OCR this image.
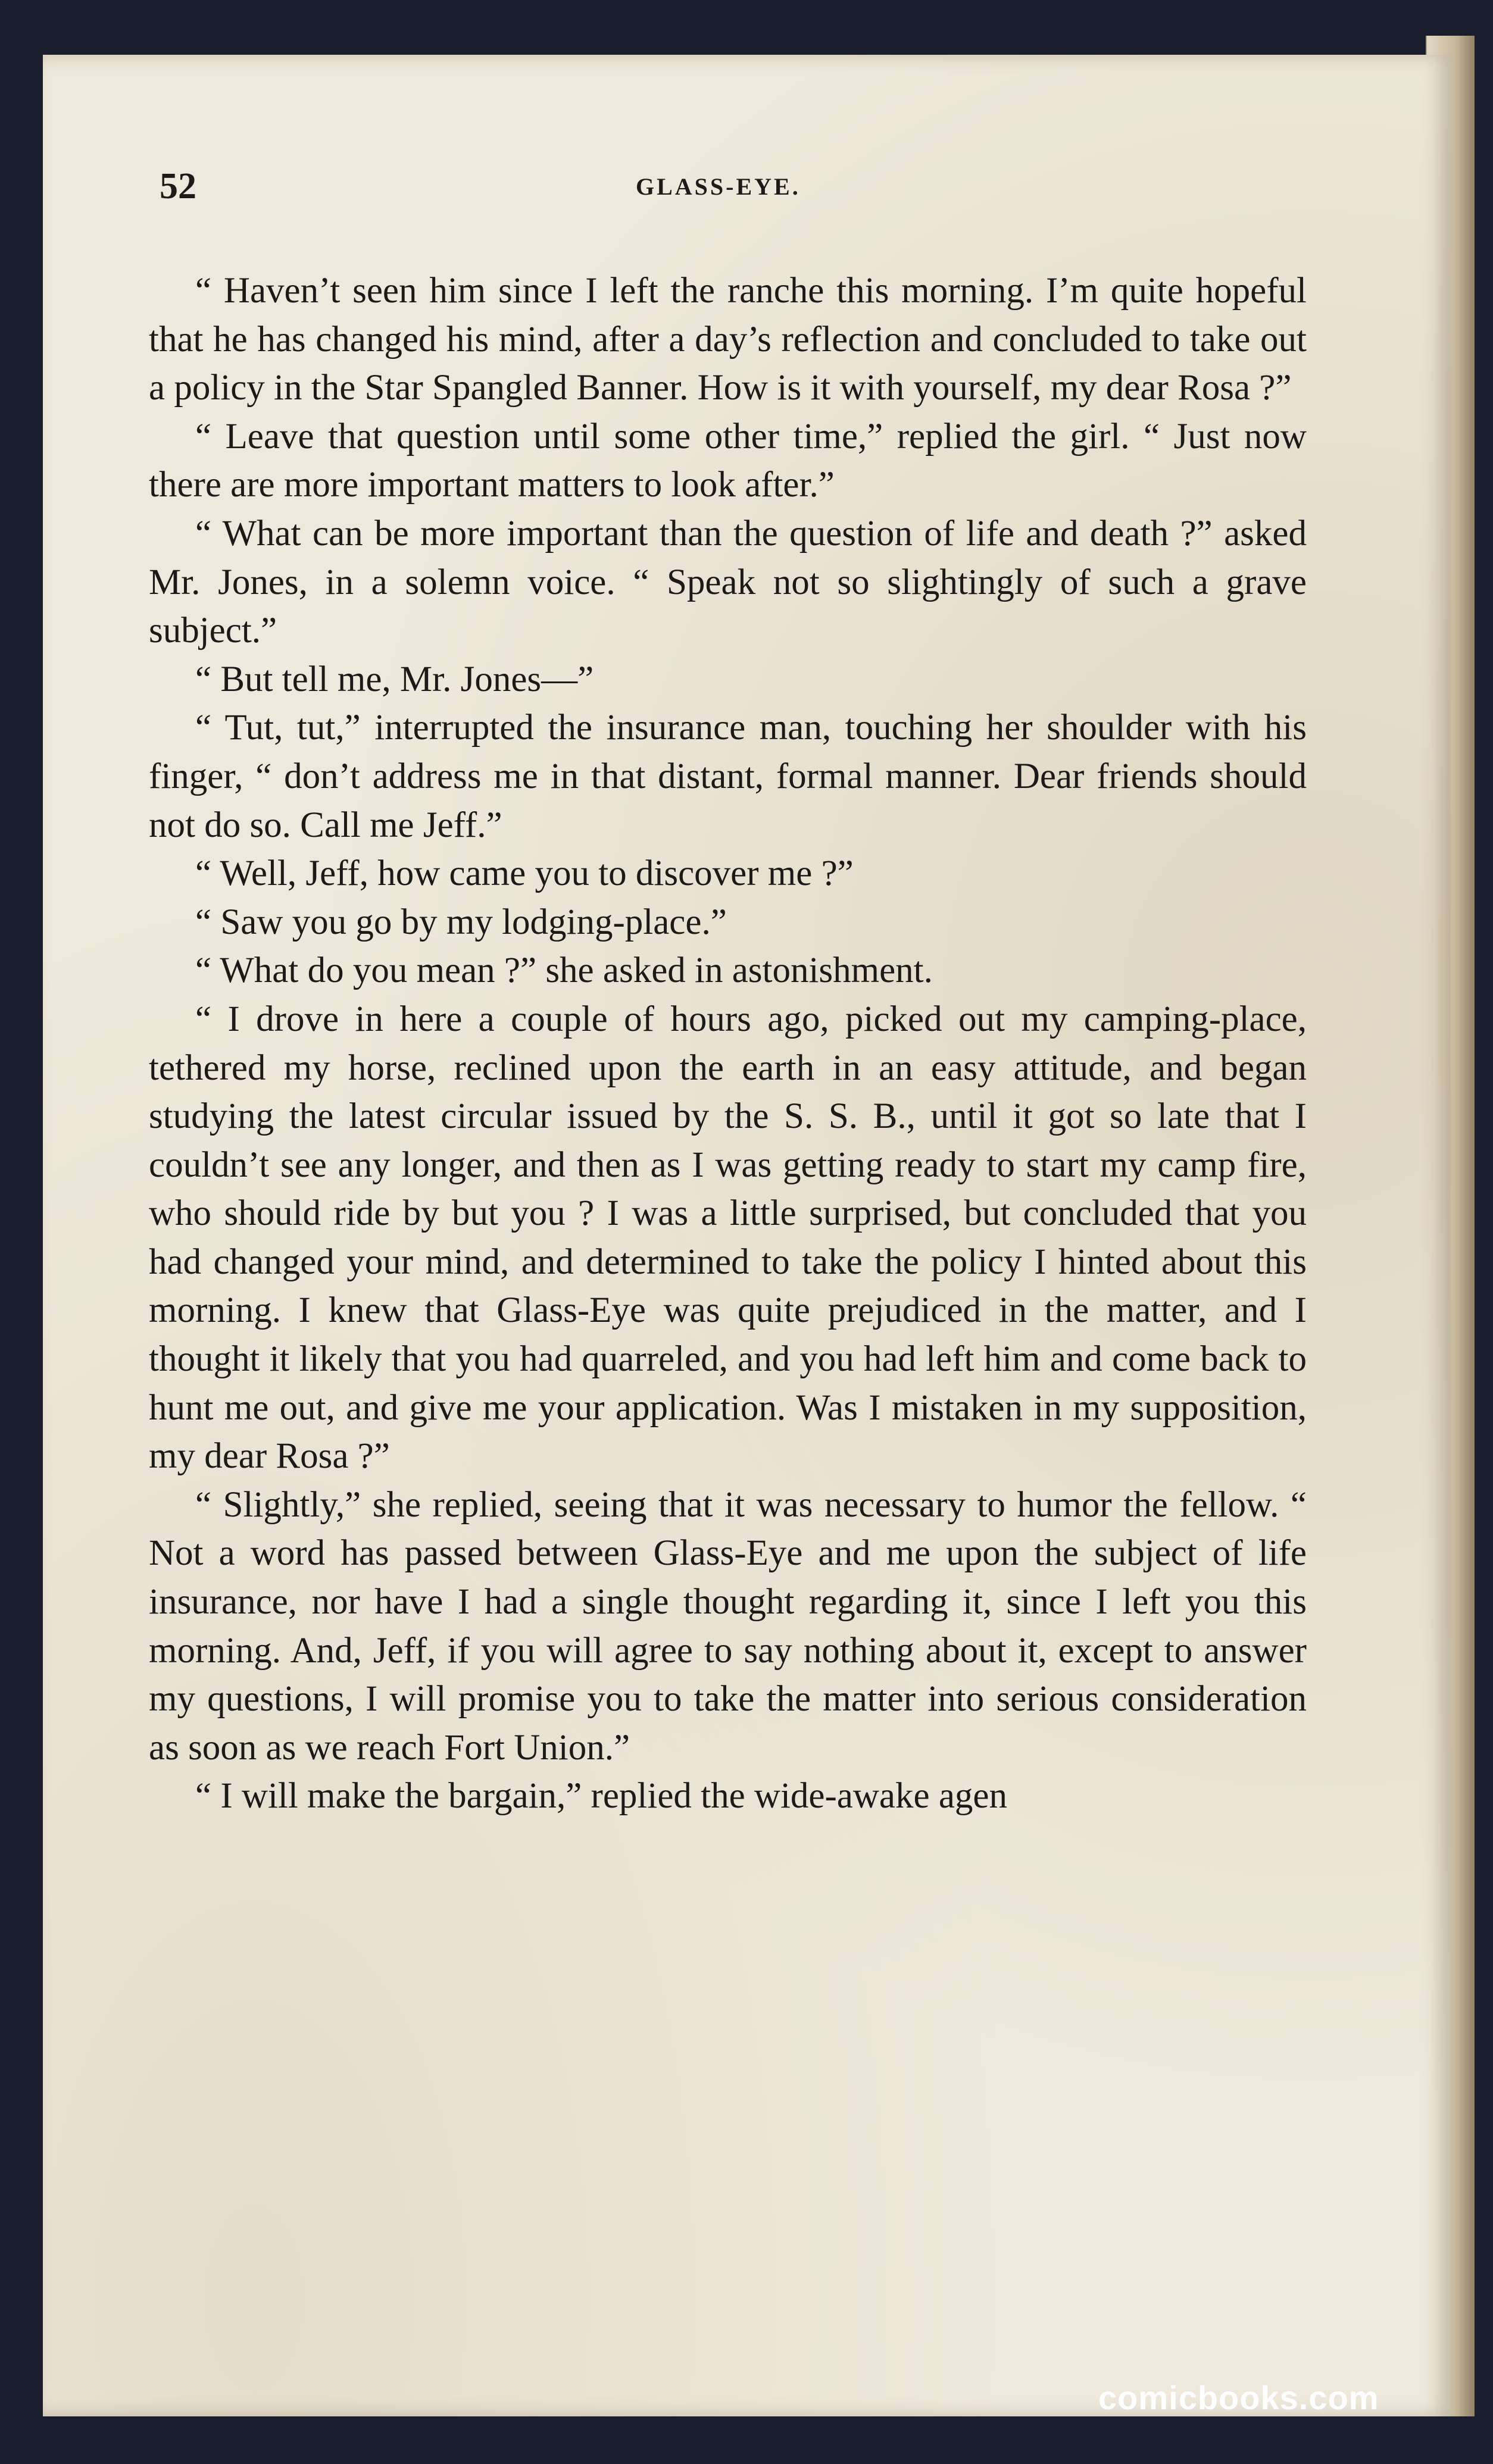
52	GLASS-EYE.

“ Haven’t seen him since I left the ranche this morning. I’m quite hopeful that he has changed his mind, after a day’s reflection and concluded to take out a policy in the Star Spangled Banner. How is it with yourself, my dear Rosa ?”

“ Leave that question until some other time,” replied the girl. “ Just now there are more important matters to look after.”

“ What can be more important than the question of life and death ?” asked Mr. Jones, in a solemn voice. “ Speak not so slightingly of such a grave subject.”

“ But tell me, Mr. Jones—”

“ Tut, tut,” interrupted the insurance man, touching her shoulder with his finger, “ don’t address me in that distant, formal manner. Dear friends should not do so. Call me Jeff.”

“ Well, Jeff, how came you to discover me ?”

“ Saw you go by my lodging-place.”

“ What do you mean ?” she asked in astonishment.

“ I drove in here a couple of hours ago, picked out my camping-place, tethered my horse, reclined upon the earth in an easy attitude, and began studying the latest circular issued by the S. S. B., until it got so late that I couldn’t see any longer, and then as I was getting ready to start my camp fire, who should ride by but you ? I was a little surprised, but concluded that you had changed your mind, and determined to take the policy I hinted about this morning. I knew that Glass-Eye was quite prejudiced in the matter, and I thought it likely that you had quarreled, and you had left him and come back to hunt me out, and give me your application. Was I mistaken in my supposition, my dear Rosa ?”

“ Slightly,” she replied, seeing that it was necessary to humor the fellow. “ Not a word has passed between Glass-Eye and me upon the subject of life insurance, nor have I had a single thought regarding it, since I left you this morning. And, Jeff, if you will agree to say nothing about it, except to answer my questions, I will promise you to take the matter into serious consideration as soon as we reach Fort Union.”

“ I will make the bargain,” replied the wide-awake agen

comicbooks.com
